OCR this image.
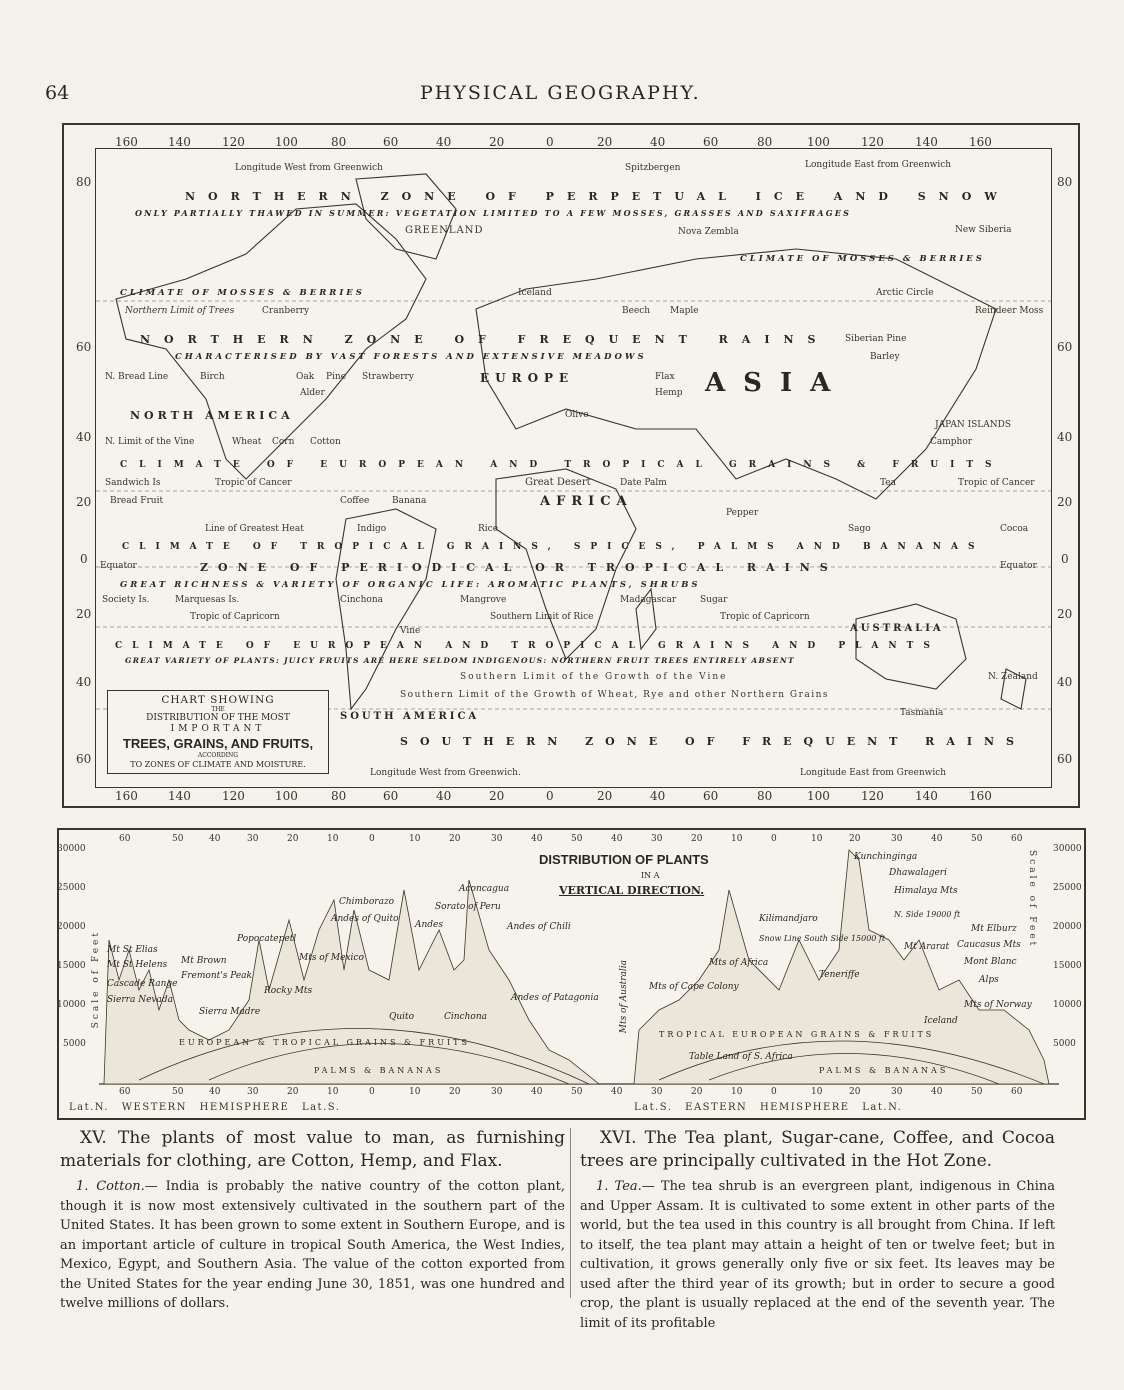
64	PHYSICAL GEOGRAPHY.
160	140	120	100	80	60	40	20	0	20	40	60	80	100	120	140	160
160	140	120	100	80	60	40	20	0	20	40	60	80	100	120	140	160
80
60
40
20
0
20
40
60
80
60
40
20
0
20
40
60
Longitude West from Greenwich	Longitude East from Greenwich
Longitude West from Greenwich.	Longitude East from Greenwich
NORTHERN ZONE OF PERPETUAL ICE AND SNOW
ONLY PARTIALLY THAWED IN SUMMER: VEGETATION LIMITED TO A FEW MOSSES, GRASSES AND SAXIFRAGES
CLIMATE OF MOSSES & BERRIES
CLIMATE OF MOSSES & BERRIES
NORTHERN ZONE OF FREQUENT RAINS
CHARACTERISED BY VAST FORESTS AND EXTENSIVE MEADOWS
CLIMATE OF EUROPEAN AND TROPICAL GRAINS & FRUITS
CLIMATE OF TROPICAL GRAINS, SPICES, PALMS AND BANANAS
ZONE OF PERIODICAL OR TROPICAL RAINS
GREAT RICHNESS & VARIETY OF ORGANIC LIFE: AROMATIC PLANTS, SHRUBS
CLIMATE OF EUROPEAN AND TROPICAL GRAINS AND PLANTS
GREAT VARIETY OF PLANTS: JUICY FRUITS ARE HERE SELDOM INDIGENOUS: NORTHERN FRUIT TREES ENTIRELY ABSENT
SOUTHERN ZONE OF FREQUENT RAINS
ASIA
AFRICA
NORTH AMERICA
SOUTH AMERICA
EUROPE
AUSTRALIA
Tropic of Cancer	Tropic of Cancer
Equator	Equator
Tropic of Capricorn	Tropic of Capricorn
Line of Greatest Heat
N. Limit of the Vine
N. Bread Line
Northern Limit of Trees
Southern Limit of Rice
Southern Limit of the Growth of the Vine
Southern Limit of the Growth of Wheat, Rye and other Northern Grains
Spitzbergen
GREENLAND
Iceland
Nova Zembla	New Siberia
Great Desert
JAPAN ISLANDS
Sandwich Is
Marquesas Is.
Society Is.	Madagascar
N. Zealand
Tasmania
Arctic Circle
Birch
Alder
Oak Pine
Wheat Corn Cotton
Rice
Sugar
Coffee
Cocoa
Indigo
Tea
Date Palm
Olive
Vine
Barley
Flax
Hemp
Maple
Beech
Camphor
Pepper
Sago
Banana
Cinchona	Mangrove
Bread Fruit
Siberian Pine
Reindeer Moss
Cranberry
Strawberry
CHART SHOWING
THE
DISTRIBUTION OF THE MOST
IMPORTANT
TREES, GRAINS, AND FRUITS,
ACCORDING
TO ZONES OF CLIMATE AND MOISTURE.
DISTRIBUTION OF PLANTS
IN A
VERTICAL DIRECTION.
30000
25000
20000
15000
10000
5000
30000
25000
20000
15000
10000
5000
Scale of Feet
Scale of Feet
60	50	40	30	20	10	0	10	20	30	40	50	40	30	20	10	0	10	20	30	40	50	60
60	50	40	30	20	10	0	10	20	30	40	50	40	30	20	10	0	10	20	30	40	50	60
Lat.N. WESTERN HEMISPHERE Lat.S.	Lat.S. EASTERN HEMISPHERE Lat.N.
Mt St Elias
Mt St Helens Mt Brown
Fremont's Peak
Rocky Mts
Cascade Range
Sierra Nevada
Sierra Madre
Popocatepetl
Mts of Mexico
Chimborazo
Andes of Quito
Andes
Sorato of Peru
Aconcagua
Andes of Chili
Andes of Patagonia
Quito	Cinchona	Mts of Australia Mts of Cape Colony
Mts of Africa
Kilimandjaro
Snow Line South Side 15000 ft
Teneriffe
Table Land of S. Africa
Kunchinginga
Dhawalageri
Himalaya Mts
N. Side 19000 ft
Mt Ararat
Mt Elburz
Caucasus Mts
Mont Blanc
Alps
Iceland
Mts of Norway
EUROPEAN & TROPICAL GRAINS & FRUITS
PALMS & BANANAS
TROPICAL EUROPEAN GRAINS & FRUITS
PALMS & BANANAS
XV. The plants of most value to man, as furnishing materials for clothing, are Cotton, Hemp, and Flax.
1. Cotton.— India is probably the native country of the cotton plant, though it is now most extensively cultivated in the southern part of the United States. It has been grown to some extent in Southern Europe, and is an important article of culture in tropical South America, the West Indies, Mexico, Egypt, and Southern Asia. The value of the cotton exported from the United States for the year ending June 30, 1851, was one hundred and twelve millions of dollars.
XVI. The Tea plant, Sugar-cane, Coffee, and Cocoa trees are principally cultivated in the Hot Zone.
1. Tea.— The tea shrub is an evergreen plant, indigenous in China and Upper Assam. It is cultivated to some extent in other parts of the world, but the tea used in this country is all brought from China. If left to itself, the tea plant may attain a height of ten or twelve feet; but in cultivation, it grows generally only five or six feet. Its leaves may be used after the third year of its growth; but in order to secure a good crop, the plant is usually replaced at the end of the seventh year. The limit of its profitable
